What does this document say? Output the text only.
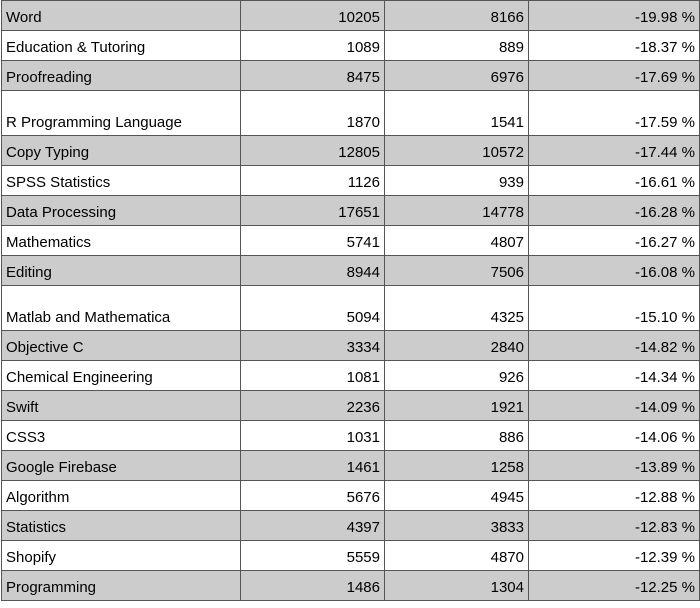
Word	10205	8166	-19.98 %
Education & Tutoring	1089	889	-18.37 %
Proofreading	8475	6976	-17.69 %
R Programming Language	1870	1541	-17.59 %
Copy Typing	12805	10572	-17.44 %
SPSS Statistics	1126	939	-16.61 %
Data Processing	17651	14778	-16.28 %
Mathematics	5741	4807	-16.27 %
Editing	8944	7506	-16.08 %
Matlab and Mathematica	5094	4325	-15.10 %
Objective C	3334	2840	-14.82 %
Chemical Engineering	1081	926	-14.34 %
Swift	2236	1921	-14.09 %
CSS3	1031	886	-14.06 %
Google Firebase	1461	1258	-13.89 %
Algorithm	5676	4945	-12.88 %
Statistics	4397	3833	-12.83 %
Shopify	5559	4870	-12.39 %
Programming	1486	1304	-12.25 %
